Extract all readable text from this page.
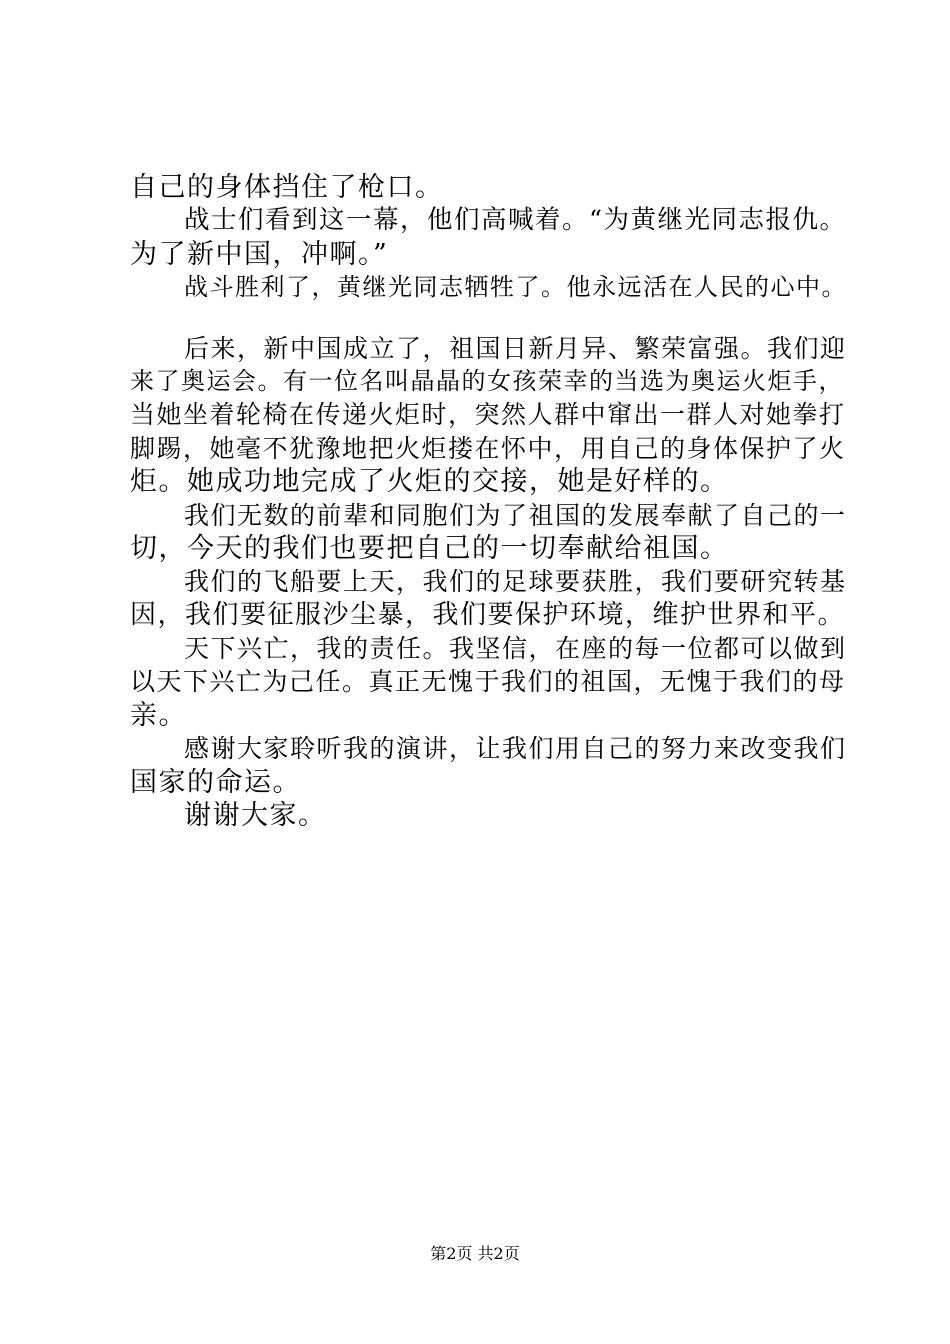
自己的身体挡住了枪口。
战士们看到这一幕，他们高喊着。“为黄继光同志报仇。
为了新中国，冲啊。”
战斗胜利了，黄继光同志牺牲了。他永远活在人民的心中。
后来，新中国成立了，祖国日新月异、繁荣富强。我们迎
来了奥运会。有一位名叫晶晶的女孩荣幸的当选为奥运火炬手，
当她坐着轮椅在传递火炬时，突然人群中窜出一群人对她拳打
脚踢，她毫不犹豫地把火炬搂在怀中，用自己的身体保护了火
炬。她成功地完成了火炬的交接，她是好样的。
我们无数的前辈和同胞们为了祖国的发展奉献了自己的一
切，今天的我们也要把自己的一切奉献给祖国。
我们的飞船要上天，我们的足球要获胜，我们要研究转基
因，我们要征服沙尘暴，我们要保护环境，维护世界和平。
天下兴亡，我的责任。我坚信，在座的每一位都可以做到
以天下兴亡为己任。真正无愧于我们的祖国，无愧于我们的母
亲。
感谢大家聆听我的演讲，让我们用自己的努力来改变我们
国家的命运。
谢谢大家。
第2页 共2页
